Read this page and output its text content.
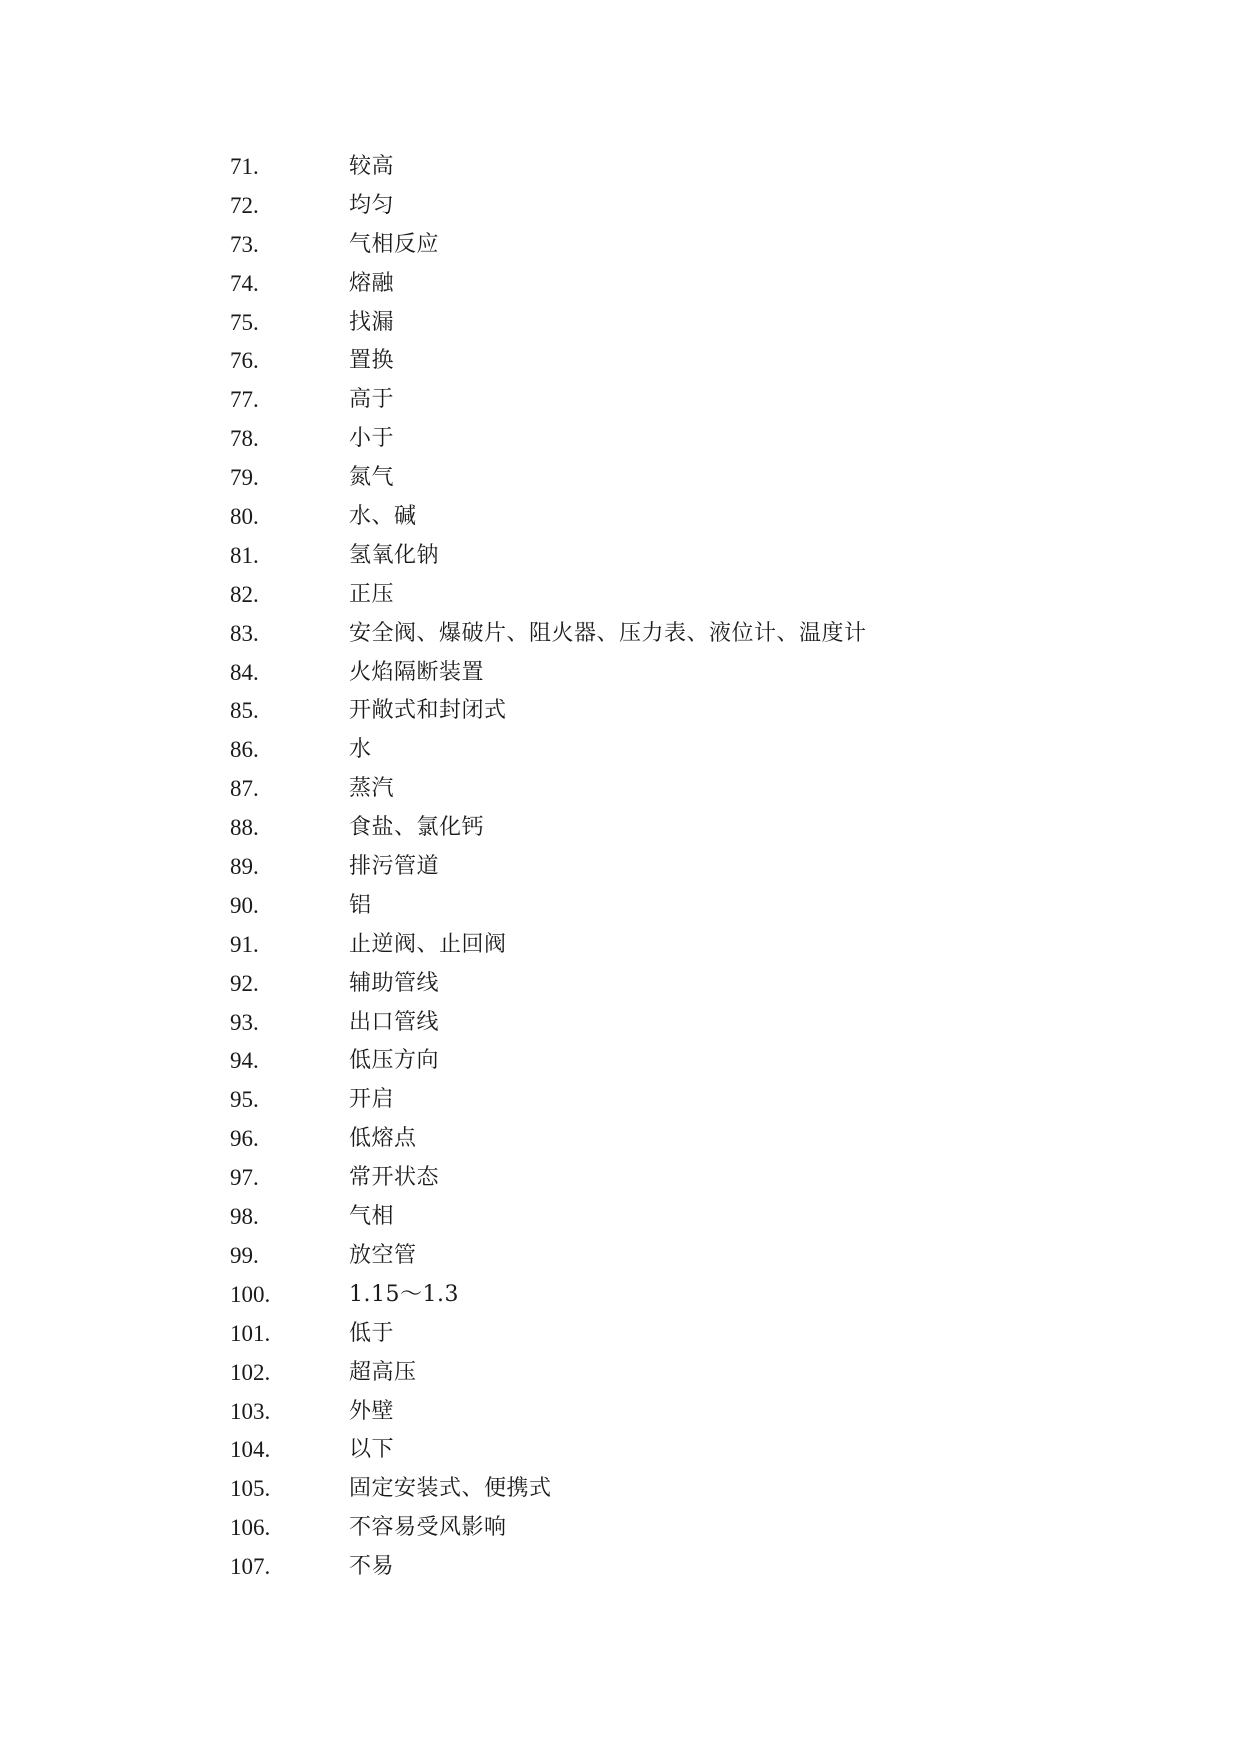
71.	较高
72.	均匀
73.	气相反应
74.	熔融
75.	找漏
76.	置换
77.	高于
78.	小于
79.	氮气
80.	水、碱
81.	氢氧化钠
82.	正压
83.	安全阀、爆破片、阻火器、压力表、液位计、温度计
84.	火焰隔断装置
85.	开敞式和封闭式
86.	水
87.	蒸汽
88.	食盐、氯化钙
89.	排污管道
90.	铝
91.	止逆阀、止回阀
92.	辅助管线
93.	出口管线
94.	低压方向
95.	开启
96.	低熔点
97.	常开状态
98.	气相
99.	放空管
100.	1.15～1.3
101.	低于
102.	超高压
103.	外壁
104.	以下
105.	固定安装式、便携式
106.	不容易受风影响
107.	不易
